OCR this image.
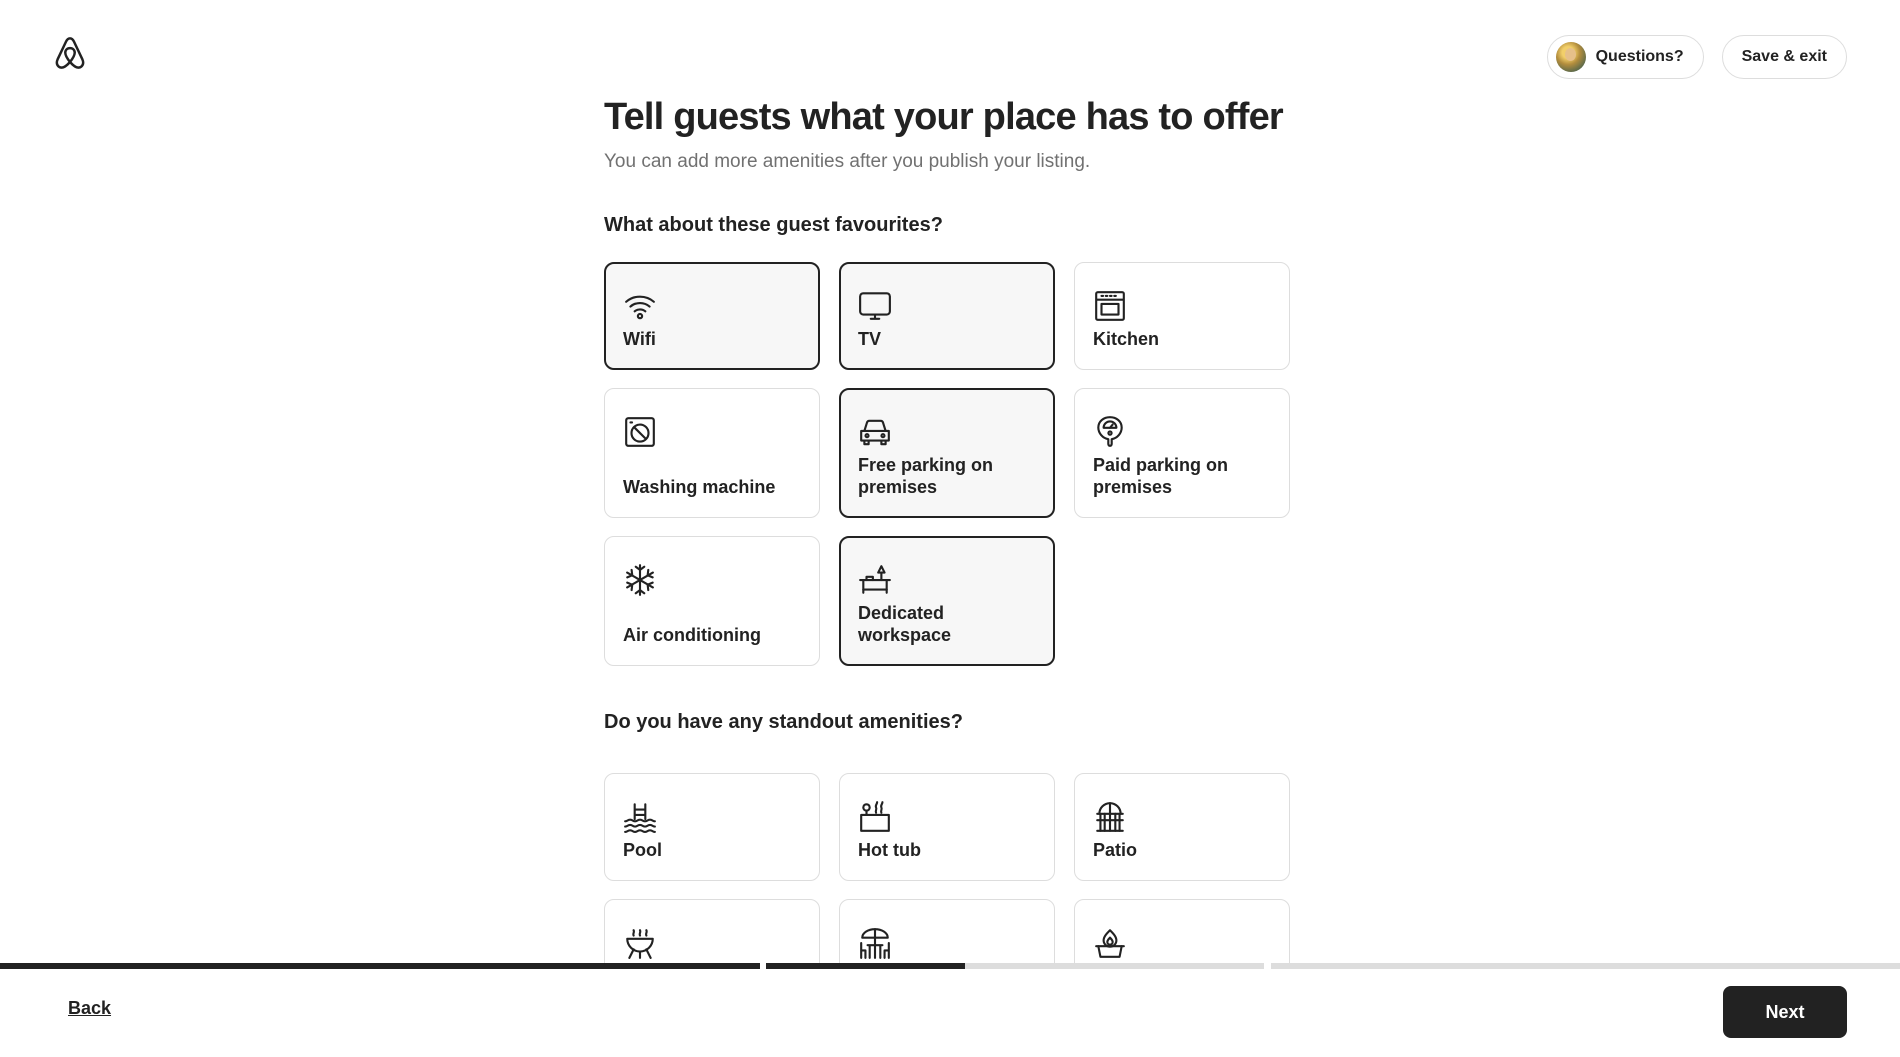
Questions?	Save & exit
Tell guests what your place has to offer

You can add more amenities after you publish your listing.

What about these guest favourites?
Wifi	TV	Kitchen
Washing machine
Free parking on premises
Paid parking on premises
Air conditioning
Dedicated workspace
Do you have any standout amenities?
Pool	Hot tub	Patio
Back	Next
